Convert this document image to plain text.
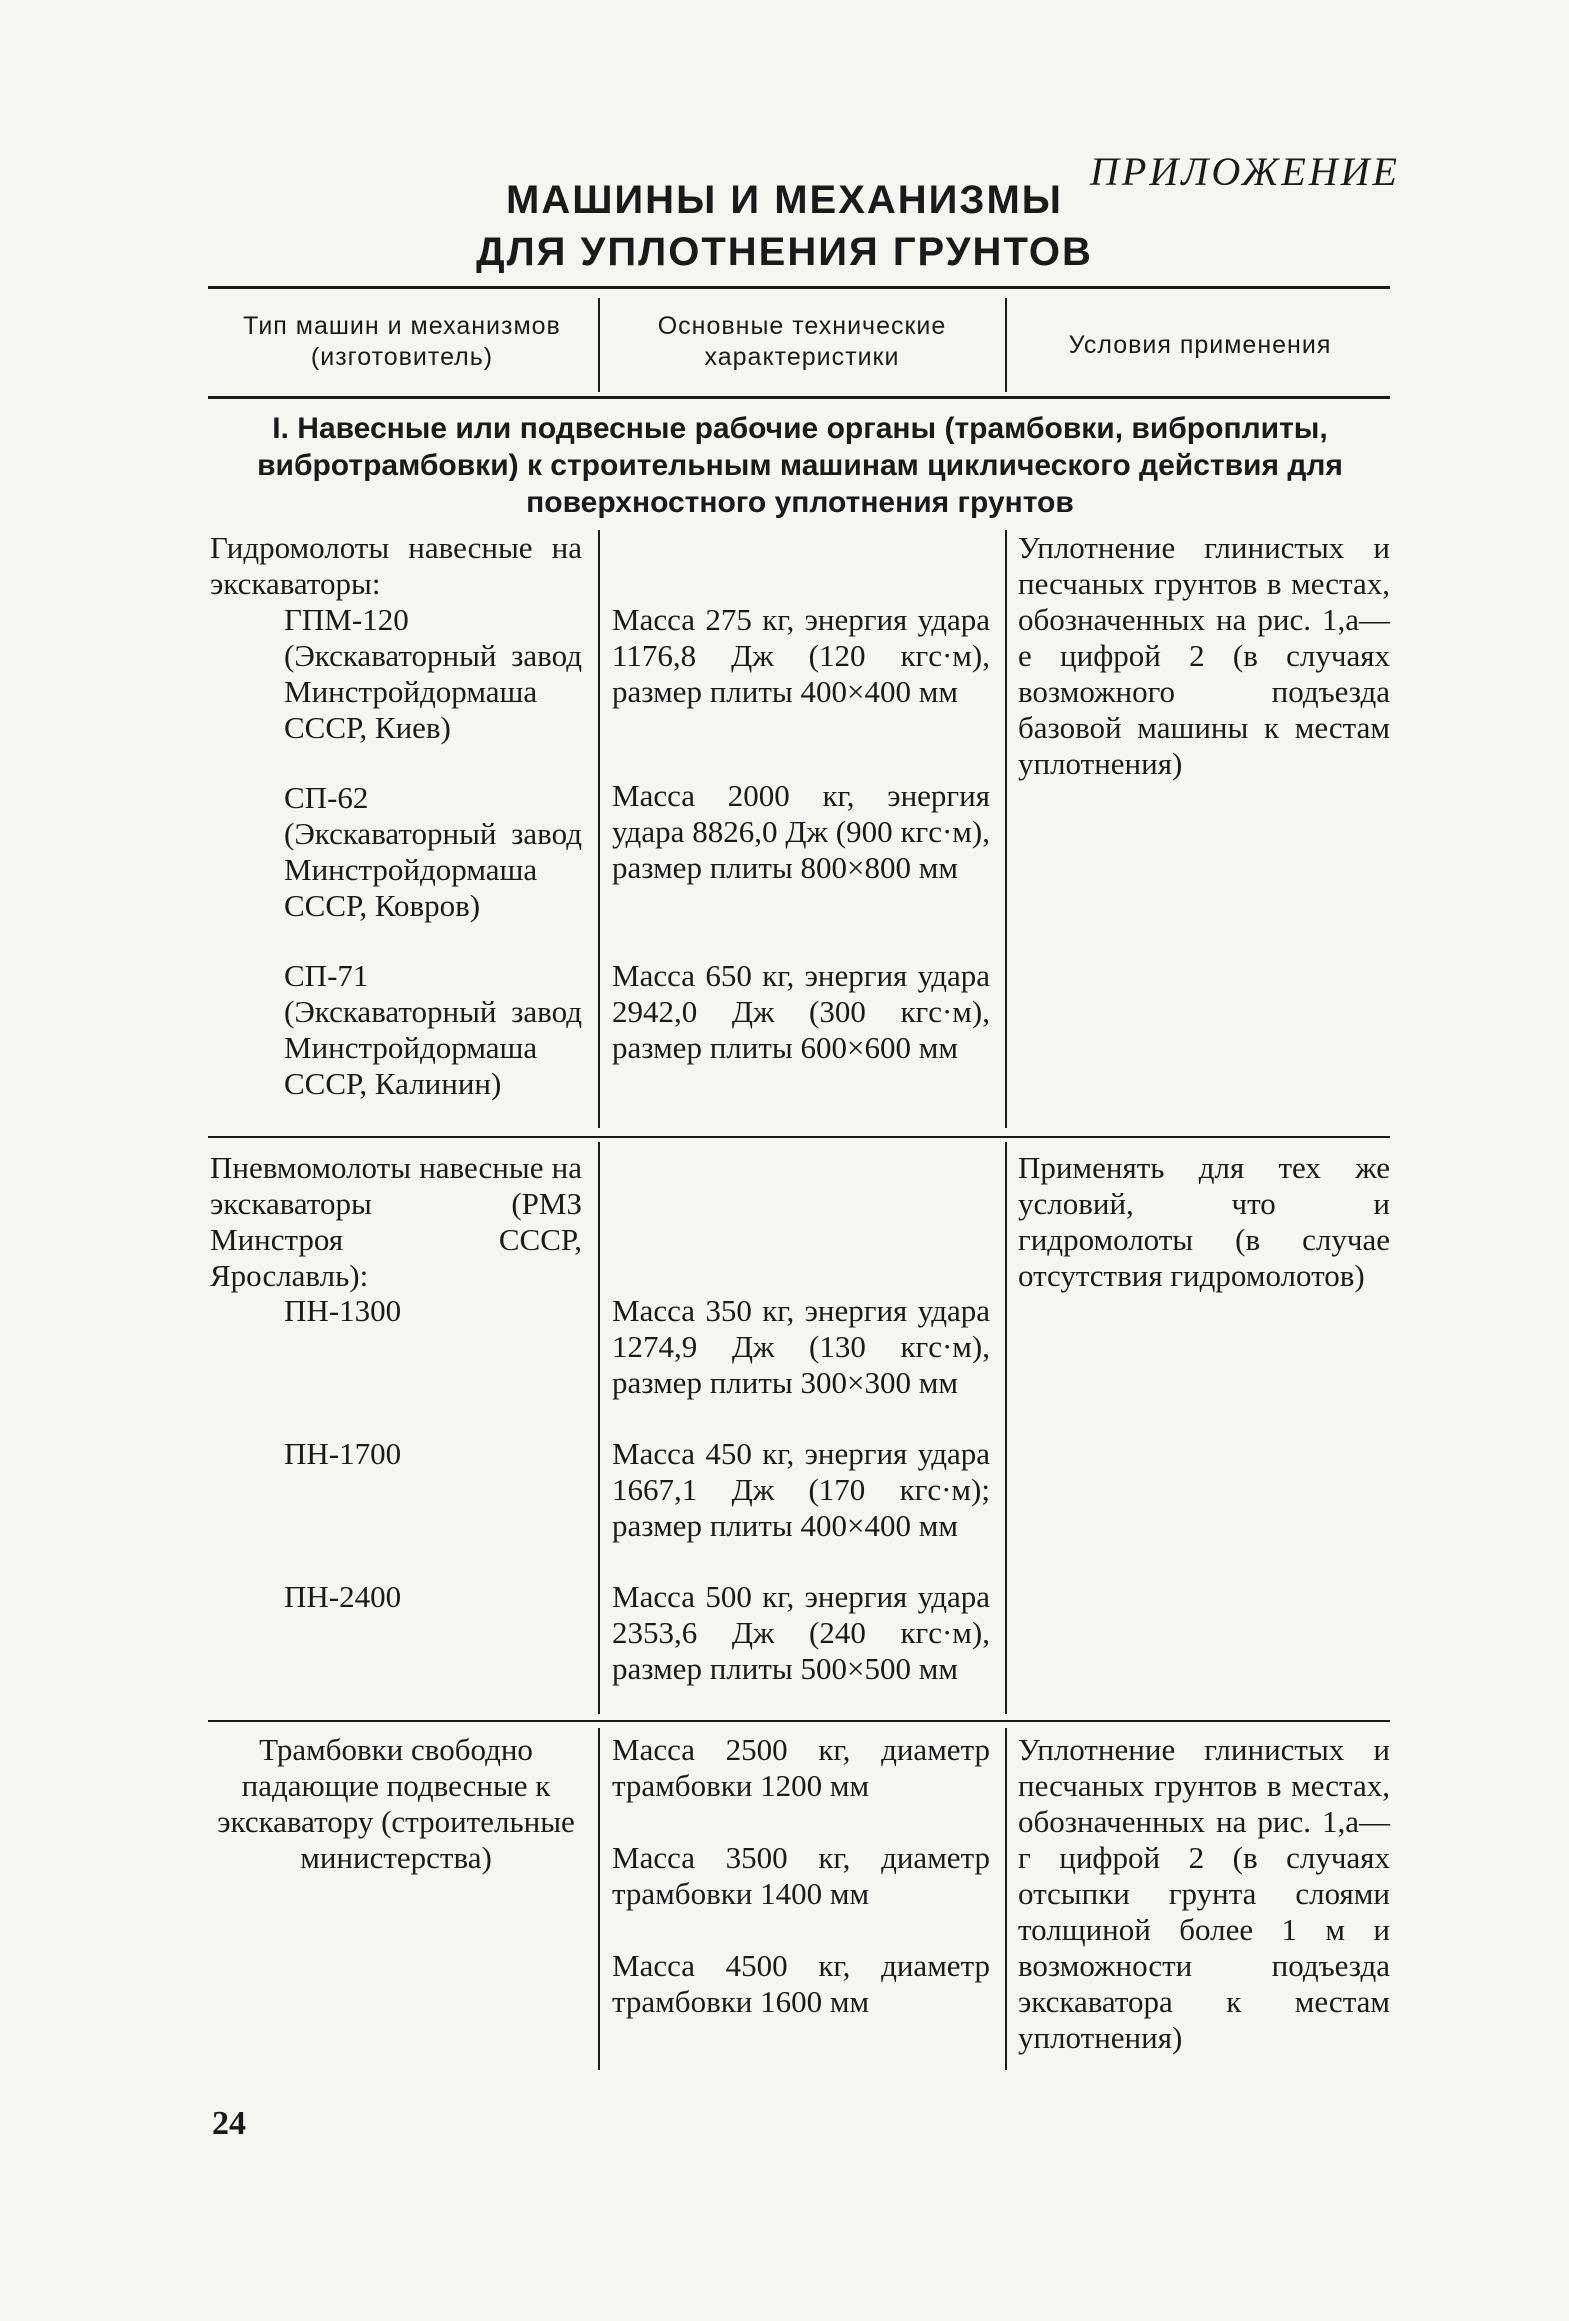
ПРИЛОЖЕНИЕ
МАШИНЫ И МЕХАНИЗМЫ
ДЛЯ УПЛОТНЕНИЯ ГРУНТОВ
Тип машин и механизмов (изготовитель)
Основные технические характеристики	Условия применения
I. Навесные или подвесные рабочие органы (трамбовки, виброплиты, вибротрамбовки) к строительным машинам циклического действия для поверхностного уплотнения грунтов
Гидромолоты навесные на экскаваторы:
ГПМ-120 (Экскаваторный завод Минстройдормаша СССР, Киев)
СП-62 (Экскаваторный завод Минстройдормаша СССР, Ковров)
СП-71 (Экскаваторный завод Минстройдормаша СССР, Калинин)
Масса 275 кг, энергия удара 1176,8 Дж (120 кгс·м), размер плиты 400×400 мм
Масса 2000 кг, энергия удара 8826,0 Дж (900 кгс·м), размер плиты 800×800 мм
Масса 650 кг, энергия удара 2942,0 Дж (300 кгс·м), размер плиты 600×600 мм
Уплотнение глинистых и песчаных грунтов в местах, обозначенных на рис. 1,а—е цифрой 2 (в случаях возможного подъезда базовой машины к местам уплотнения)
Пневмомолоты навесные на экскаваторы (РМЗ Минстроя СССР, Ярославль):
ПН-1300
ПН-1700
ПН-2400
Масса 350 кг, энергия удара 1274,9 Дж (130 кгс·м), размер плиты 300×300 мм
Масса 450 кг, энергия удара 1667,1 Дж (170 кгс·м); размер плиты 400×400 мм
Масса 500 кг, энергия удара 2353,6 Дж (240 кгс·м), размер плиты 500×500 мм
Применять для тех же условий, что и гидромолоты (в случае отсутствия гидромолотов)
Трамбовки свободно падающие подвесные к экскаватору (строительные министерства)
Масса 2500 кг, диаметр трамбовки 1200 мм
Масса 3500 кг, диаметр трамбовки 1400 мм
Масса 4500 кг, диаметр трамбовки 1600 мм
Уплотнение глинистых и песчаных грунтов в местах, обозначенных на рис. 1,а—г цифрой 2 (в случаях отсыпки грунта слоями толщиной более 1 м и возможности подъезда экскаватора к местам уплотнения)
24
